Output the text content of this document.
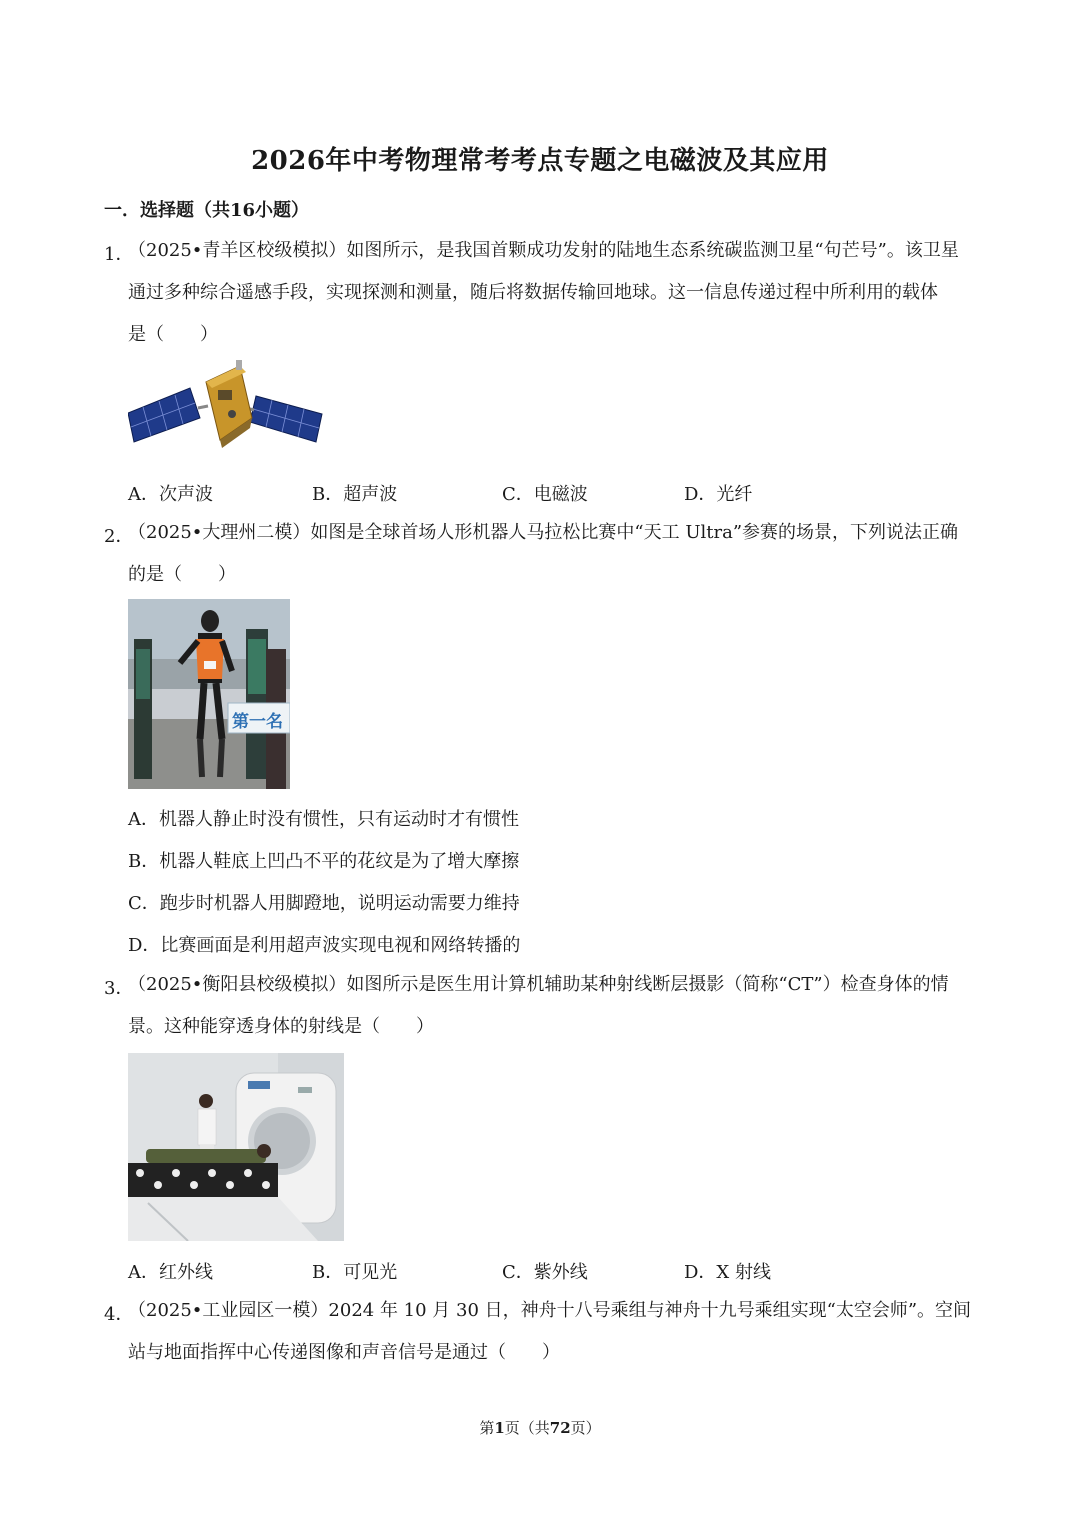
2026年中考物理常考考点专题之电磁波及其应用
一．选择题（共16小题）
1．
（2025•青羊区校级模拟）如图所示，是我国首颗成功发射的陆地生态系统碳监测卫星“句芒号”。该卫星
通过多种综合遥感手段，实现探测和测量，随后将数据传输回地球。这一信息传递过程中所利用的载体
是（　　）
A．次声波	B．超声波	C．电磁波	D．光纤
2．
（2025•大理州二模）如图是全球首场人形机器人马拉松比赛中“天工 Ultra”参赛的场景，下列说法正确
的是（　　）
第一名
A．机器人静止时没有惯性，只有运动时才有惯性
B．机器人鞋底上凹凸不平的花纹是为了增大摩擦
C．跑步时机器人用脚蹬地，说明运动需要力维持
D．比赛画面是利用超声波实现电视和网络转播的
3．
（2025•衡阳县校级模拟）如图所示是医生用计算机辅助某种射线断层摄影（简称“CT”）检查身体的情
景。这种能穿透身体的射线是（　　）
A．红外线	B．可见光	C．紫外线	D．X 射线
4．
（2025•工业园区一模）2024 年 10 月 30 日，神舟十八号乘组与神舟十九号乘组实现“太空会师”。空间
站与地面指挥中心传递图像和声音信号是通过（　　）
第1页（共72页）
